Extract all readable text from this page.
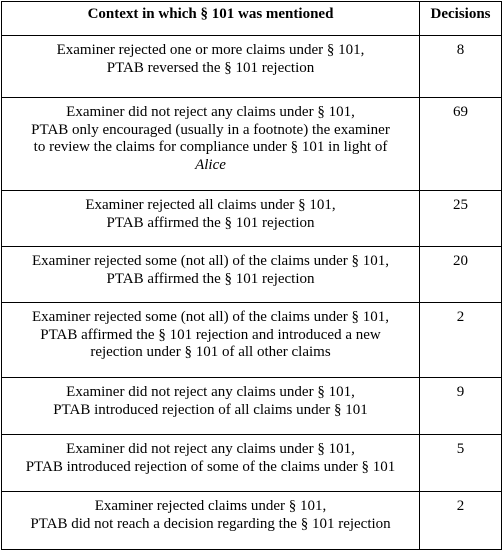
Context in which § 101 was mentioned	Decisions

Examiner rejected one or more claims under § 101,
PTAB reversed the § 101 rejection	8

Examiner did not reject any claims under § 101,
PTAB only encouraged (usually in a footnote) the examiner
to review the claims for compliance under § 101 in light of
Alice	69

Examiner rejected all claims under § 101,
PTAB affirmed the § 101 rejection	25

Examiner rejected some (not all) of the claims under § 101,
PTAB affirmed the § 101 rejection	20

Examiner rejected some (not all) of the claims under § 101,
PTAB affirmed the § 101 rejection and introduced a new
rejection under § 101 of all other claims	2

Examiner did not reject any claims under § 101,
PTAB introduced rejection of all claims under § 101	9

Examiner did not reject any claims under § 101,
PTAB introduced rejection of some of the claims under § 101	5

Examiner rejected claims under § 101,
PTAB did not reach a decision regarding the § 101 rejection	2
